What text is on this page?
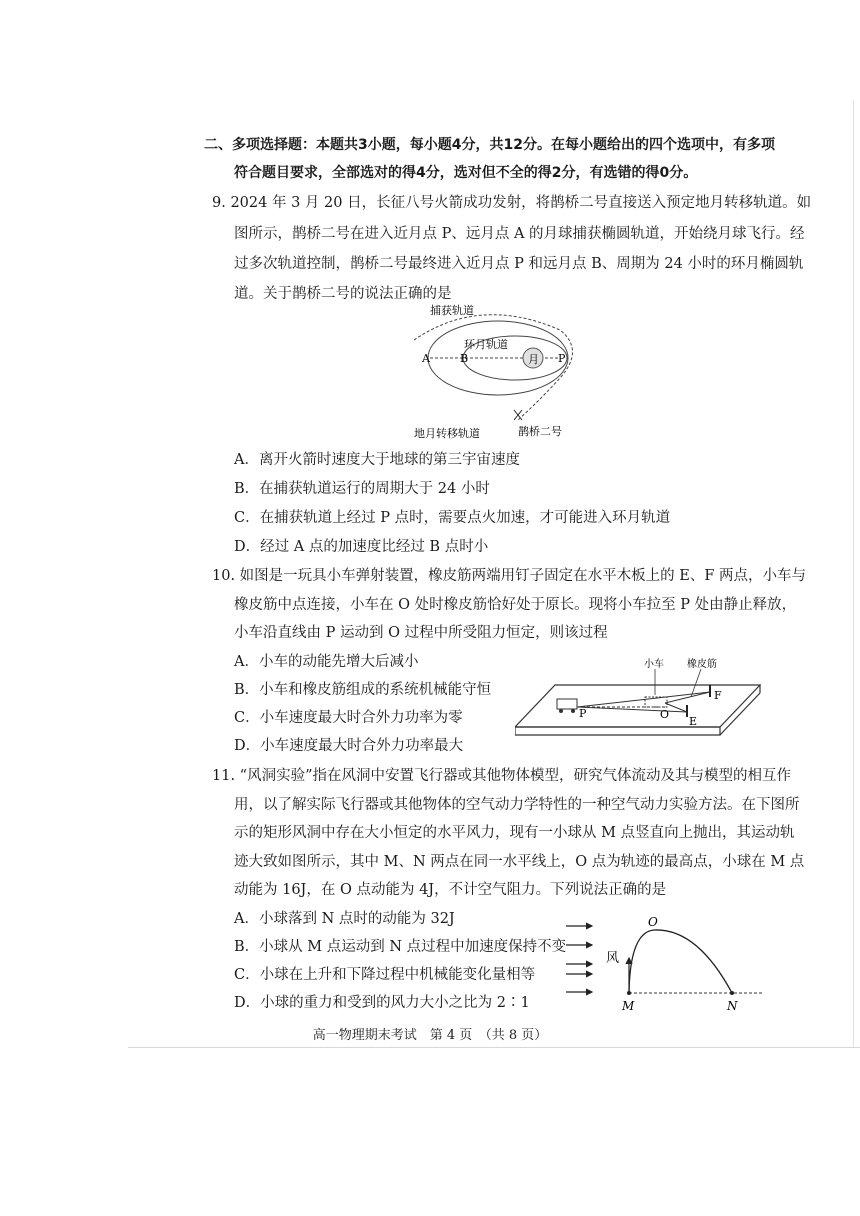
二、多项选择题：本题共3小题，每小题4分，共12分。在每小题给出的四个选项中，有多项
符合题目要求，全部选对的得4分，选对但不全的得2分，有选错的得0分。
9. 2024 年 3 月 20 日，长征八号火箭成功发射，将鹊桥二号直接送入预定地月转移轨道。如
图所示，鹊桥二号在进入近月点 P、远月点 A 的月球捕获椭圆轨道，开始绕月球飞行。经
过多次轨道控制，鹊桥二号最终进入近月点 P 和远月点 B、周期为 24 小时的环月椭圆轨
道。关于鹊桥二号的说法正确的是
月
捕获轨道
环月轨道
A	B	P
地月转移轨道	鹊桥二号
A．离开火箭时速度大于地球的第三宇宙速度
B．在捕获轨道运行的周期大于 24 小时
C．在捕获轨道上经过 P 点时，需要点火加速，才可能进入环月轨道
D．经过 A 点的加速度比经过 B 点时小
10. 如图是一玩具小车弹射装置，橡皮筋两端用钉子固定在水平木板上的 E、F 两点，小车与
橡皮筋中点连接，小车在 O 处时橡皮筋恰好处于原长。现将小车拉至 P 处由静止释放，
小车沿直线由 P 运动到 O 过程中所受阻力恒定，则该过程
A．小车的动能先增大后减小
B．小车和橡皮筋组成的系统机械能守恒
C．小车速度最大时合外力功率为零
D．小车速度最大时合外力功率最大
小车 橡皮筋
F
E
O
P
11. “风洞实验”指在风洞中安置飞行器或其他物体模型，研究气体流动及其与模型的相互作
用，以了解实际飞行器或其他物体的空气动力学特性的一种空气动力实验方法。在下图所
示的矩形风洞中存在大小恒定的水平风力，现有一小球从 M 点竖直向上抛出，其运动轨
迹大致如图所示，其中 M、N 两点在同一水平线上，O 点为轨迹的最高点，小球在 M 点
动能为 16J，在 O 点动能为 4J，不计空气阻力。下列说法正确的是
A．小球落到 N 点时的动能为 32J
B．小球从 M 点运动到 N 点过程中加速度保持不变
C．小球在上升和下降过程中机械能变化量相等
D．小球的重力和受到的风力大小之比为 2∶1
风
O
M	N
高一物理期末考试　第 4 页　（共 8 页）
